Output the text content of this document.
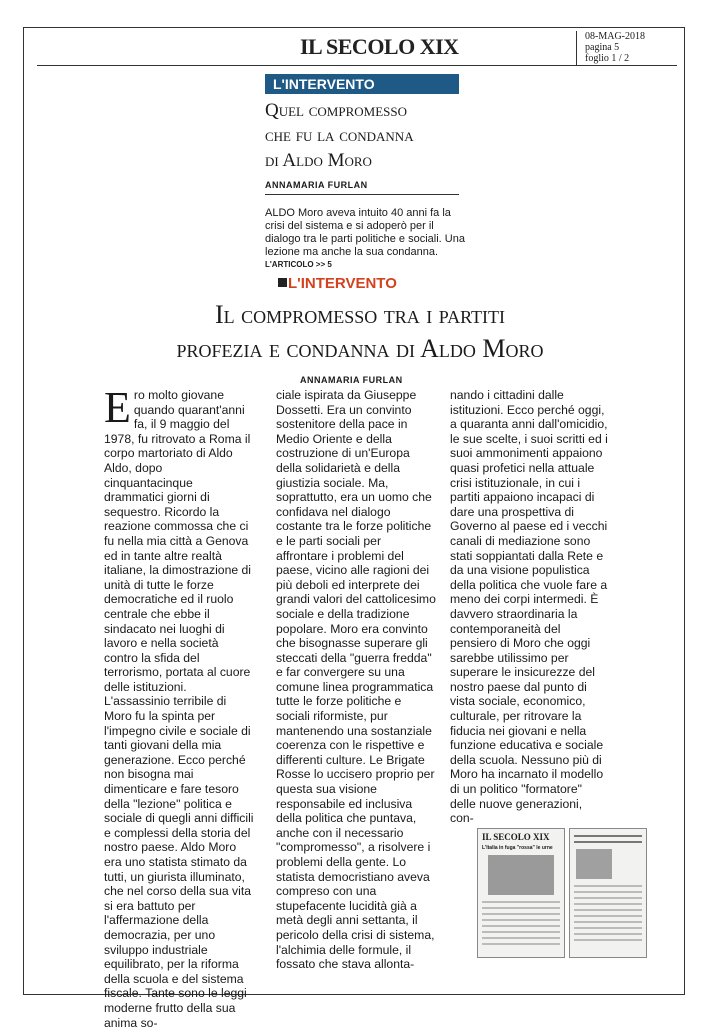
IL SECOLO XIX	08-MAG-2018
pagina 5
foglio 1 / 2
L'INTERVENTO
Quel compromesso
che fu la condanna
di Aldo Moro
ANNAMARIA FURLAN
ALDO Moro aveva intuito 40 anni fa la crisi del sistema e si adoperò per il dialogo tra le parti politiche e sociali. Una lezione ma anche la sua condanna.
L'ARTICOLO >> 5
L'INTERVENTO
Il compromesso tra i partiti
profezia e condanna di Aldo Moro
ANNAMARIA FURLAN
Ero molto giovane quando quarant'anni fa, il 9 maggio del 1978, fu ritrovato a Roma il corpo martoriato di Aldo Aldo, dopo cinquantacinque drammatici giorni di sequestro. Ricordo la reazione commossa che ci fu nella mia città a Genova ed in tante altre realtà italiane, la dimostrazione di unità di tutte le forze democratiche ed il ruolo centrale che ebbe il sindacato nei luoghi di lavoro e nella società contro la sfida del terrorismo, portata al cuore delle istituzioni. L'assassinio terribile di Moro fu la spinta per l'impegno civile e sociale di tanti giovani della mia generazione. Ecco perché non bisogna mai dimenticare e fare tesoro della "lezione" politica e sociale di quegli anni difficili e complessi della storia del nostro paese. Aldo Moro era uno statista stimato da tutti, un giurista illuminato, che nel corso della sua vita si era battuto per l'affermazione della democrazia, per uno sviluppo industriale equilibrato, per la riforma della scuola e del sistema fiscale. Tante sono le leggi moderne frutto della sua anima so-
ciale ispirata da Giuseppe Dossetti. Era un convinto sostenitore della pace in Medio Oriente e della costruzione di un'Europa della solidarietà e della giustizia sociale. Ma, soprattutto, era un uomo che confidava nel dialogo costante tra le forze politiche e le parti sociali per affrontare i problemi del paese, vicino alle ragioni dei più deboli ed interprete dei grandi valori del cattolicesimo sociale e della tradizione popolare. Moro era convinto che bisognasse superare gli steccati della "guerra fredda" e far convergere su una comune linea programmatica tutte le forze politiche e sociali riformiste, pur mantenendo una sostanziale coerenza con le rispettive e differenti culture. Le Brigate Rosse lo uccisero proprio per questa sua visione responsabile ed inclusiva della politica che puntava, anche con il necessario "compromesso", a risolvere i problemi della gente. Lo statista democristiano aveva compreso con una stupefacente lucidità già a metà degli anni settanta, il pericolo della crisi di sistema, l'alchimia delle formule, il fossato che stava allonta-
nando i cittadini dalle istituzioni. Ecco perché oggi, a quaranta anni dall'omicidio, le sue scelte, i suoi scritti ed i suoi ammonimenti appaiono quasi profetici nella attuale crisi istituzionale, in cui i partiti appaiono incapaci di dare una prospettiva di Governo al paese ed i vecchi canali di mediazione sono stati soppiantati dalla Rete e da una visione populistica della politica che vuole fare a meno dei corpi intermedi. È davvero straordinaria la contemporaneità del pensiero di Moro che oggi sarebbe utilissimo per superare le insicurezze del nostro paese dal punto di vista sociale, economico, culturale, per ritrovare la fiducia nei giovani e nella funzione educativa e sociale della scuola. Nessuno più di Moro ha incarnato il modello di un politico "formatore" delle nuove generazioni, con-
IL SECOLO XIX
L'Italia in fuga "rossa" le urne
